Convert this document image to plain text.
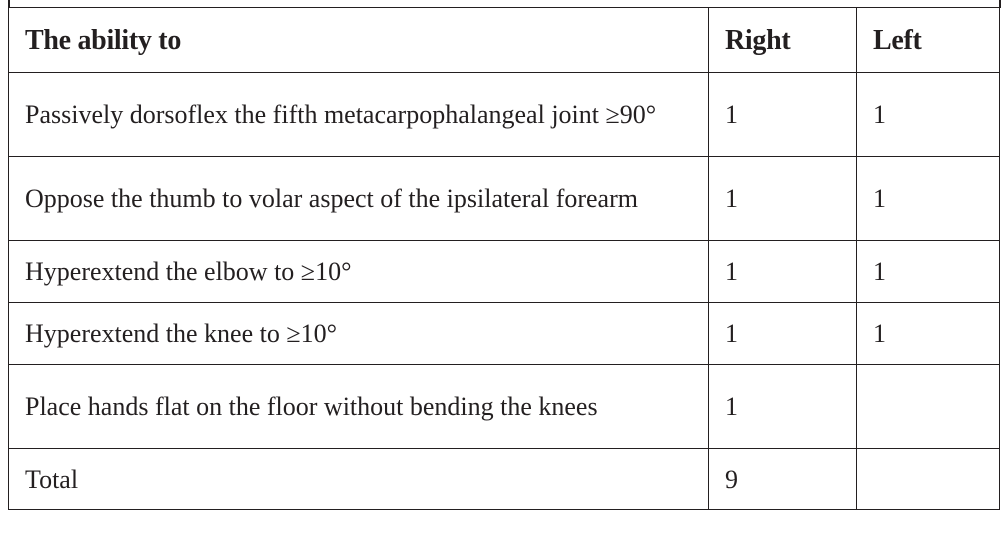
The ability to	Right	Left
Passively dorsoflex the fifth metacarpophalangeal joint ≥90°	1	1
Oppose the thumb to volar aspect of the ipsilateral forearm	1	1
Hyperextend the elbow to ≥10°	1	1
Hyperextend the knee to ≥10°	1	1
Place hands flat on the floor without bending the knees	1	
Total	9	
